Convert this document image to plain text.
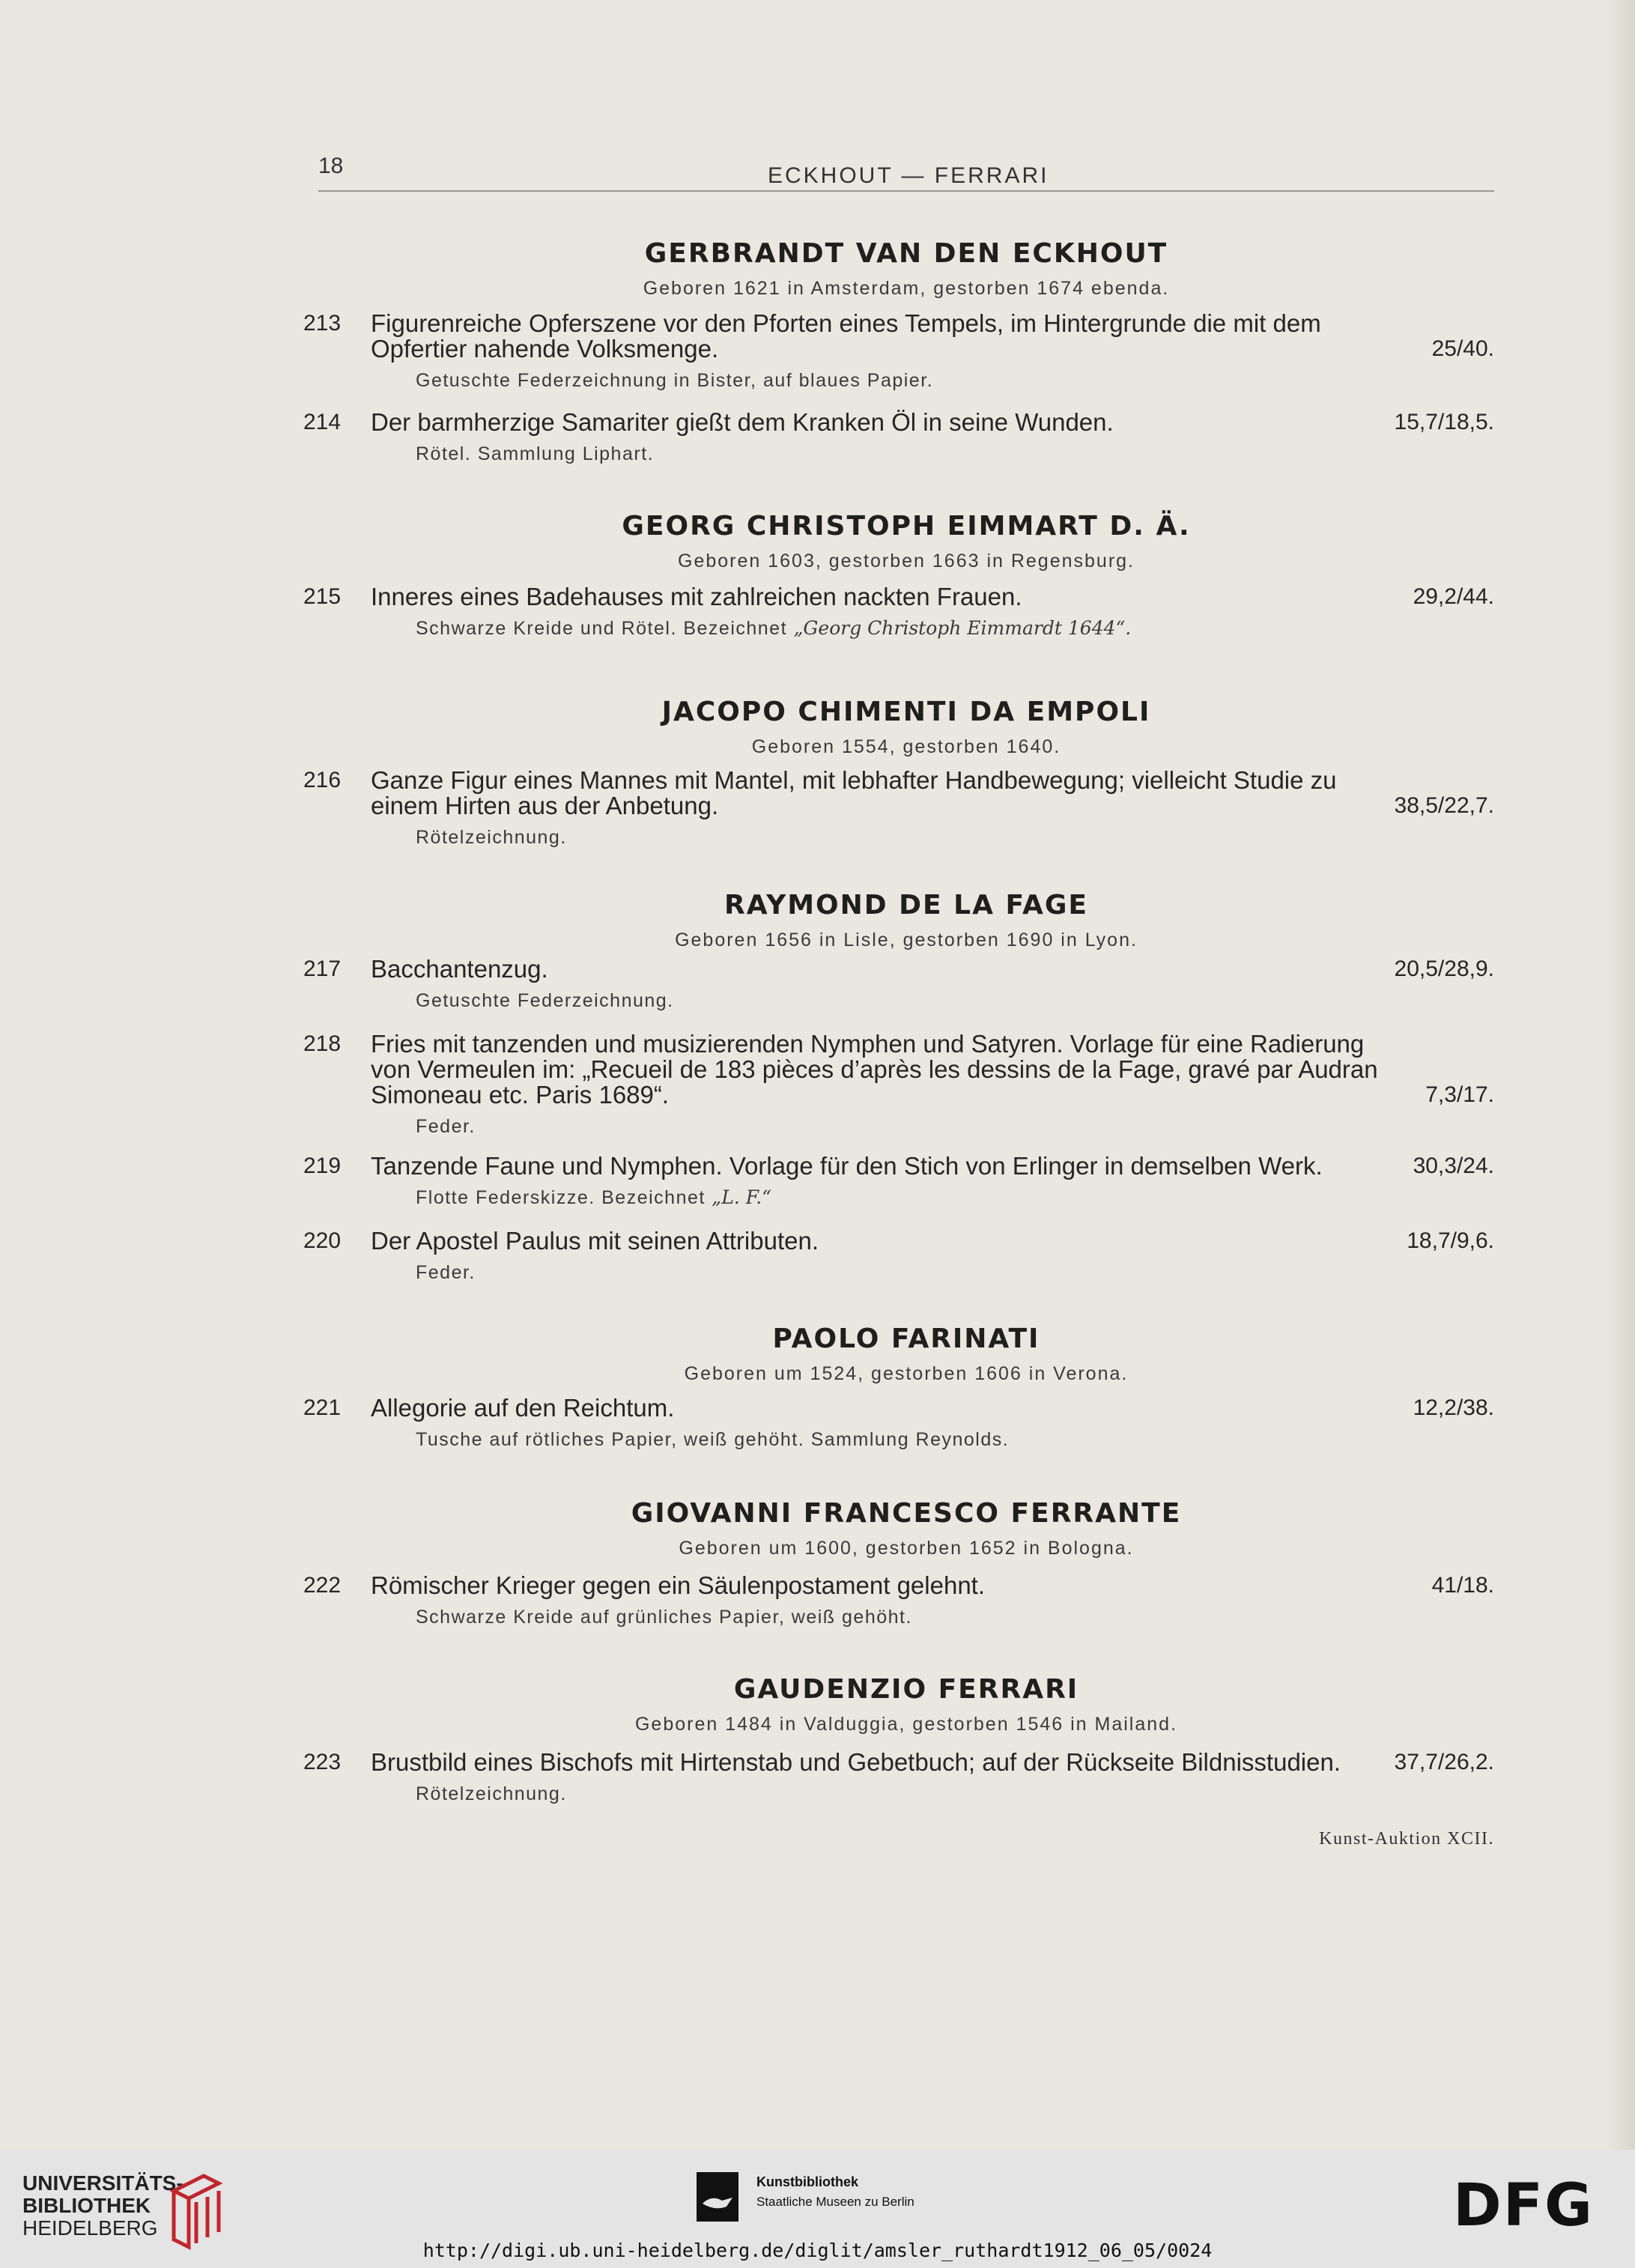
18	ECKHOUT — FERRARI
GERBRANDT VAN DEN ECKHOUT
Geboren 1621 in Amsterdam, gestorben 1674 ebenda.
213	Figurenreiche Opferszene vor den Pforten eines Tempels, im Hintergrunde die mit dem Opfertier nahende Volksmenge.	25/40.
Getuschte Federzeichnung in Bister, auf blaues Papier.
214	Der barmherzige Samariter gießt dem Kranken Öl in seine Wunden.	15,7/18,5.
Rötel. Sammlung Liphart.
GEORG CHRISTOPH EIMMART D. Ä.
Geboren 1603, gestorben 1663 in Regensburg.
215	Inneres eines Badehauses mit zahlreichen nackten Frauen.	29,2/44.
Schwarze Kreide und Rötel. Bezeichnet „Georg Christoph Eimmardt 1644“.
JACOPO CHIMENTI DA EMPOLI
Geboren 1554, gestorben 1640.
216	Ganze Figur eines Mannes mit Mantel, mit lebhafter Handbewegung; vielleicht Studie zu einem Hirten aus der Anbetung.	38,5/22,7.
Rötelzeichnung.
RAYMOND DE LA FAGE
Geboren 1656 in Lisle, gestorben 1690 in Lyon.
217	Bacchantenzug.	20,5/28,9.
Getuschte Federzeichnung.
218	Fries mit tanzenden und musizierenden Nymphen und Satyren. Vorlage für eine Radierung von Vermeulen im: „Recueil de 183 pièces d’après les dessins de la Fage, gravé par Audran Simoneau etc. Paris 1689“.	7,3/17.
Feder.
219	Tanzende Faune und Nymphen. Vorlage für den Stich von Erlinger in demselben Werk.	30,3/24.
Flotte Federskizze. Bezeichnet „L. F.“
220	Der Apostel Paulus mit seinen Attributen.	18,7/9,6.
Feder.
PAOLO FARINATI
Geboren um 1524, gestorben 1606 in Verona.
221	Allegorie auf den Reichtum.	12,2/38.
Tusche auf rötliches Papier, weiß gehöht. Sammlung Reynolds.
GIOVANNI FRANCESCO FERRANTE
Geboren um 1600, gestorben 1652 in Bologna.
222	Römischer Krieger gegen ein Säulenpostament gelehnt.	41/18.
Schwarze Kreide auf grünliches Papier, weiß gehöht.
GAUDENZIO FERRARI
Geboren 1484 in Valduggia, gestorben 1546 in Mailand.
223	Brustbild eines Bischofs mit Hirtenstab und Gebetbuch; auf der Rückseite Bildnisstudien.	37,7/26,2.
Rötelzeichnung.
Kunst-Auktion XCII.
UNIVERSITÄTS-
BIBLIOTHEK
HEIDELBERG
Kunstbibliothek
Staatliche Museen zu Berlin	DFG
http://digi.ub.uni-heidelberg.de/diglit/amsler_ruthardt1912_06_05/0024
